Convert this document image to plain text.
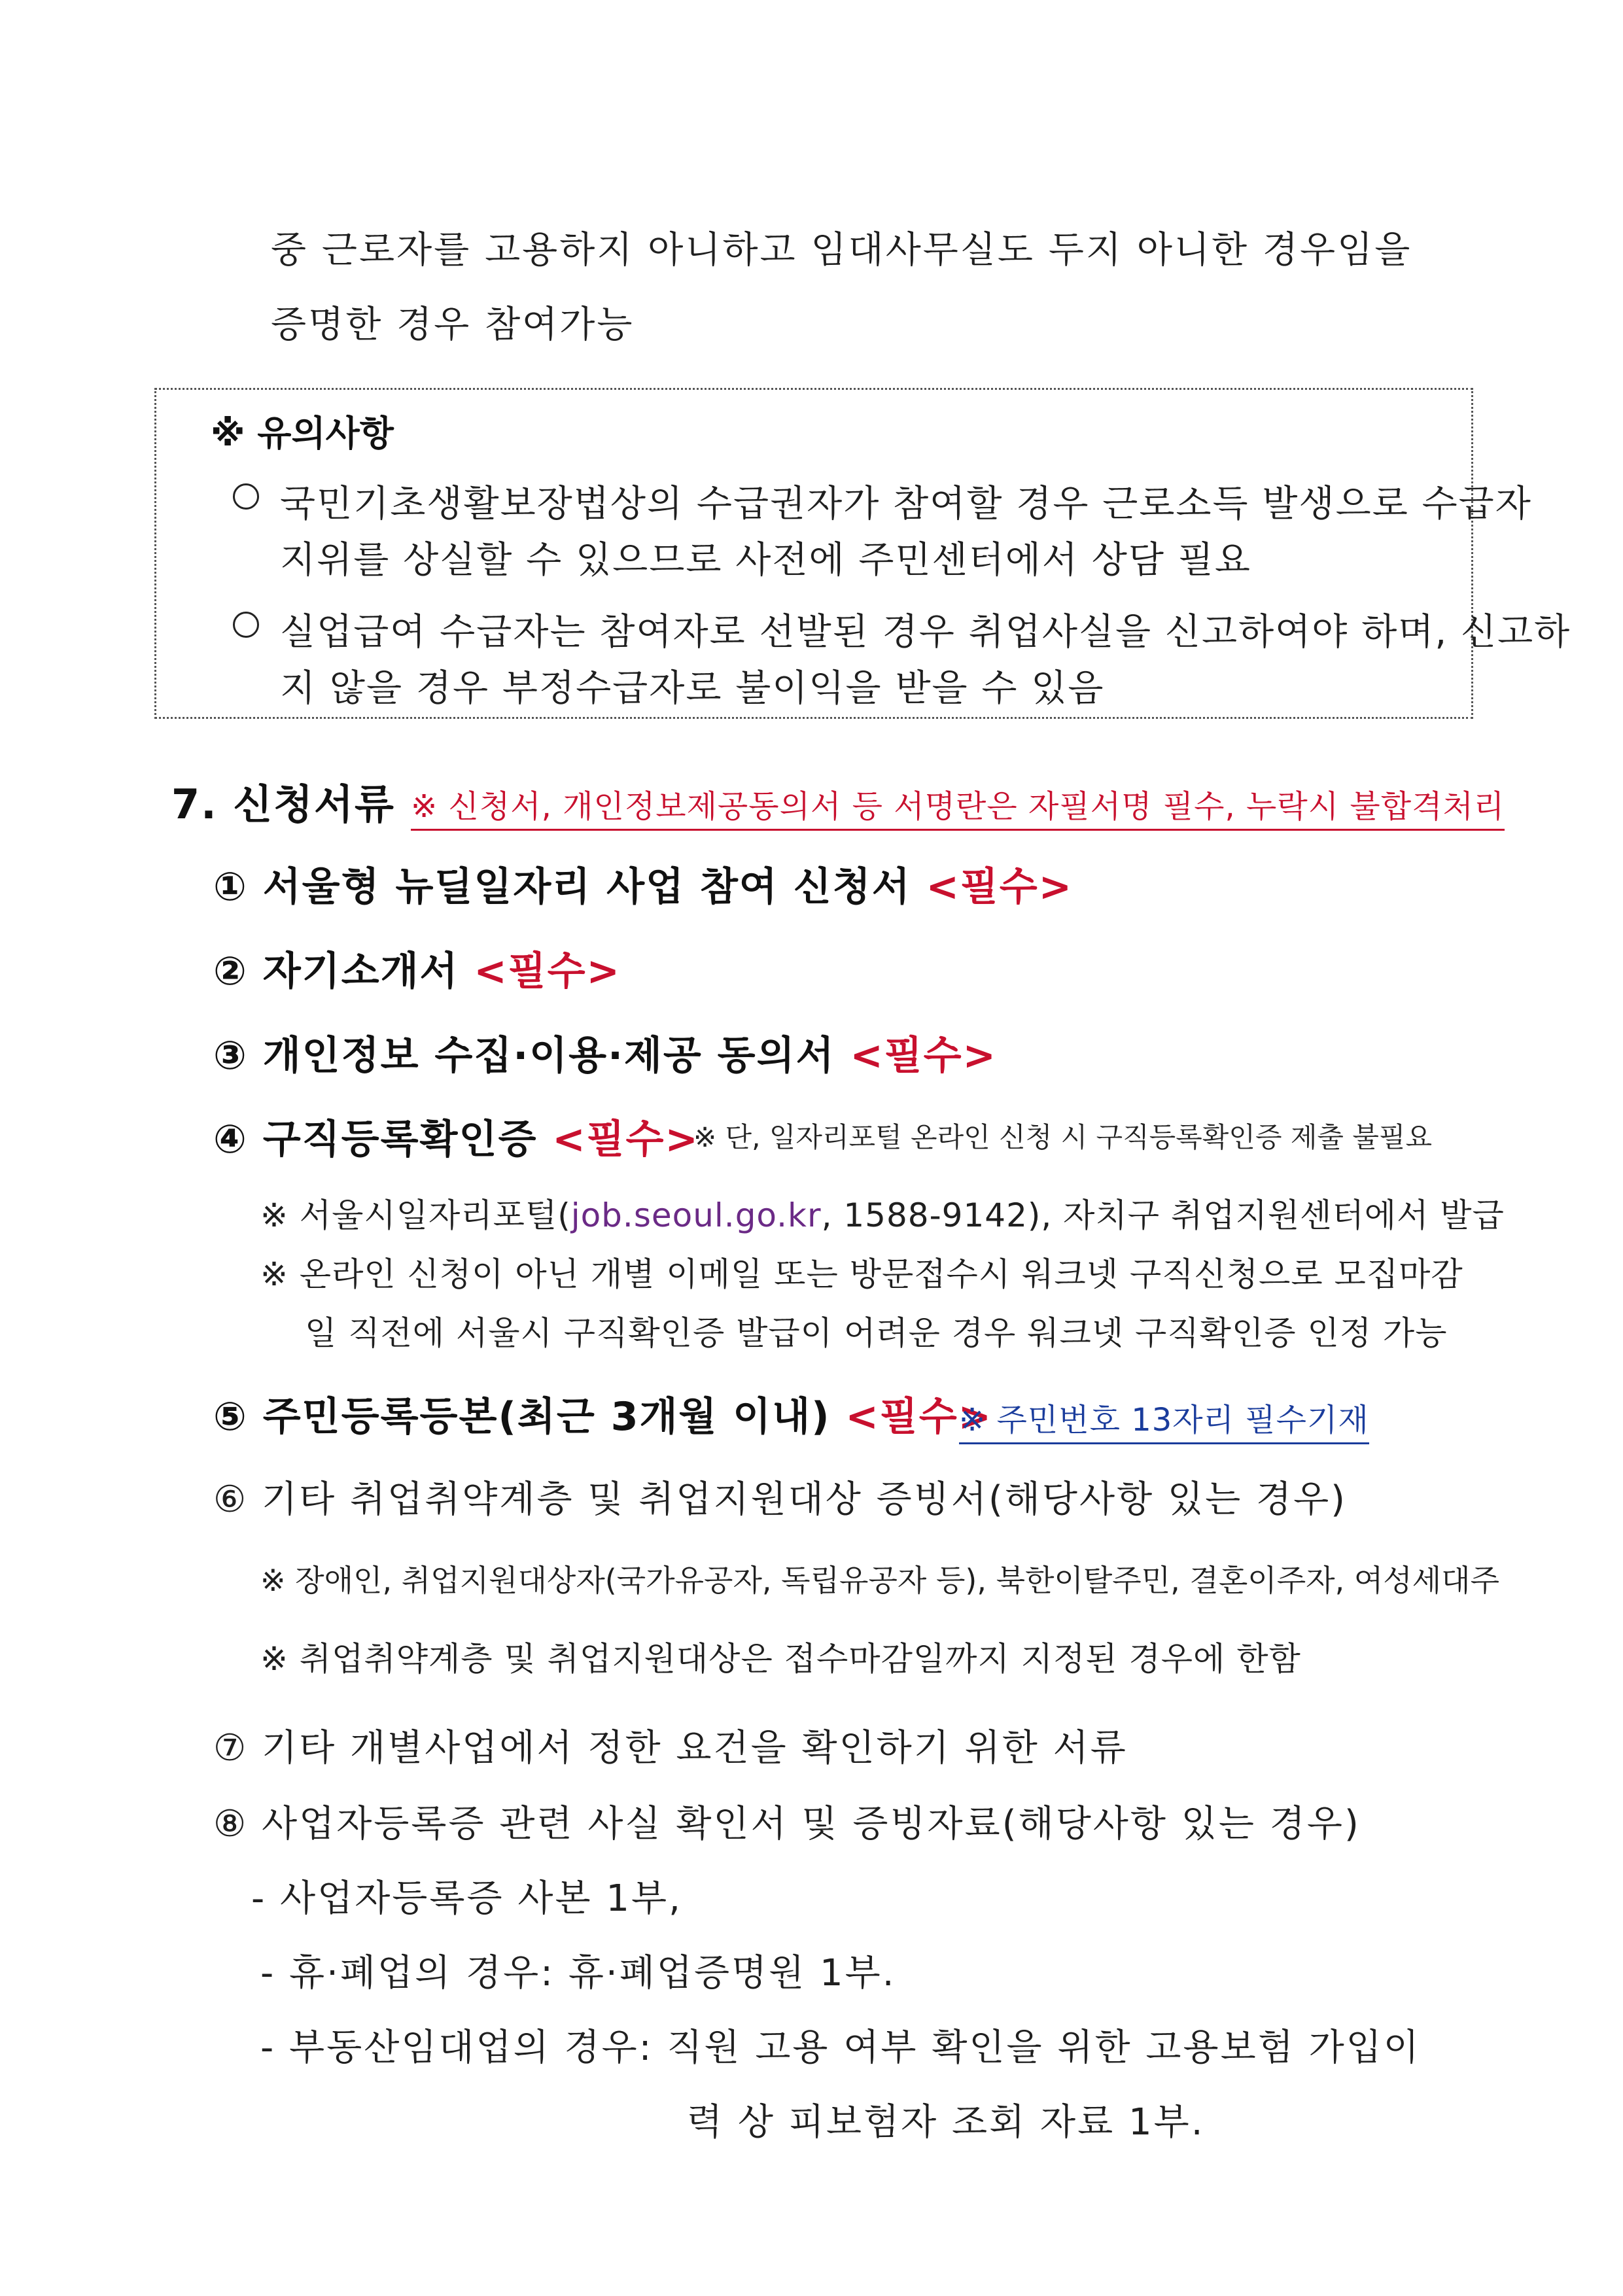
중 근로자를 고용하지 아니하고 임대사무실도 두지 아니한 경우임을
증명한 경우 참여가능
※ 유의사항
국민기초생활보장법상의 수급권자가 참여할 경우 근로소득 발생으로 수급자
지위를 상실할 수 있으므로 사전에 주민센터에서 상담 필요
실업급여 수급자는 참여자로 선발된 경우 취업사실을 신고하여야 하며, 신고하
지 않을 경우 부정수급자로 불이익을 받을 수 있음
7. 신청서류 ※ 신청서, 개인정보제공동의서 등 서명란은 자필서명 필수, 누락시 불합격처리
① 서울형 뉴딜일자리 사업 참여 신청서 <필수>
② 자기소개서 <필수>
③ 개인정보 수집·이용·제공 동의서 <필수>
④ 구직등록확인증 <필수>
※ 단, 일자리포털 온라인 신청 시 구직등록확인증 제출 불필요
※ 서울시일자리포털(job.seoul.go.kr, 1588-9142), 자치구 취업지원센터에서 발급
※ 온라인 신청이 아닌 개별 이메일 또는 방문접수시 워크넷 구직신청으로 모집마감
일 직전에 서울시 구직확인증 발급이 어려운 경우 워크넷 구직확인증 인정 가능
⑤ 주민등록등본(최근 3개월 이내) <필수>
※ 주민번호 13자리 필수기재
⑥ 기타 취업취약계층 및 취업지원대상 증빙서(해당사항 있는 경우)
※ 장애인, 취업지원대상자(국가유공자, 독립유공자 등), 북한이탈주민, 결혼이주자, 여성세대주
※ 취업취약계층 및 취업지원대상은 접수마감일까지 지정된 경우에 한함
⑦ 기타 개별사업에서 정한 요건을 확인하기 위한 서류
⑧ 사업자등록증 관련 사실 확인서 및 증빙자료(해당사항 있는 경우)
- 사업자등록증 사본 1부,
- 휴·폐업의 경우: 휴·폐업증명원 1부.
- 부동산임대업의 경우: 직원 고용 여부 확인을 위한 고용보험 가입이
력 상 피보험자 조회 자료 1부.
